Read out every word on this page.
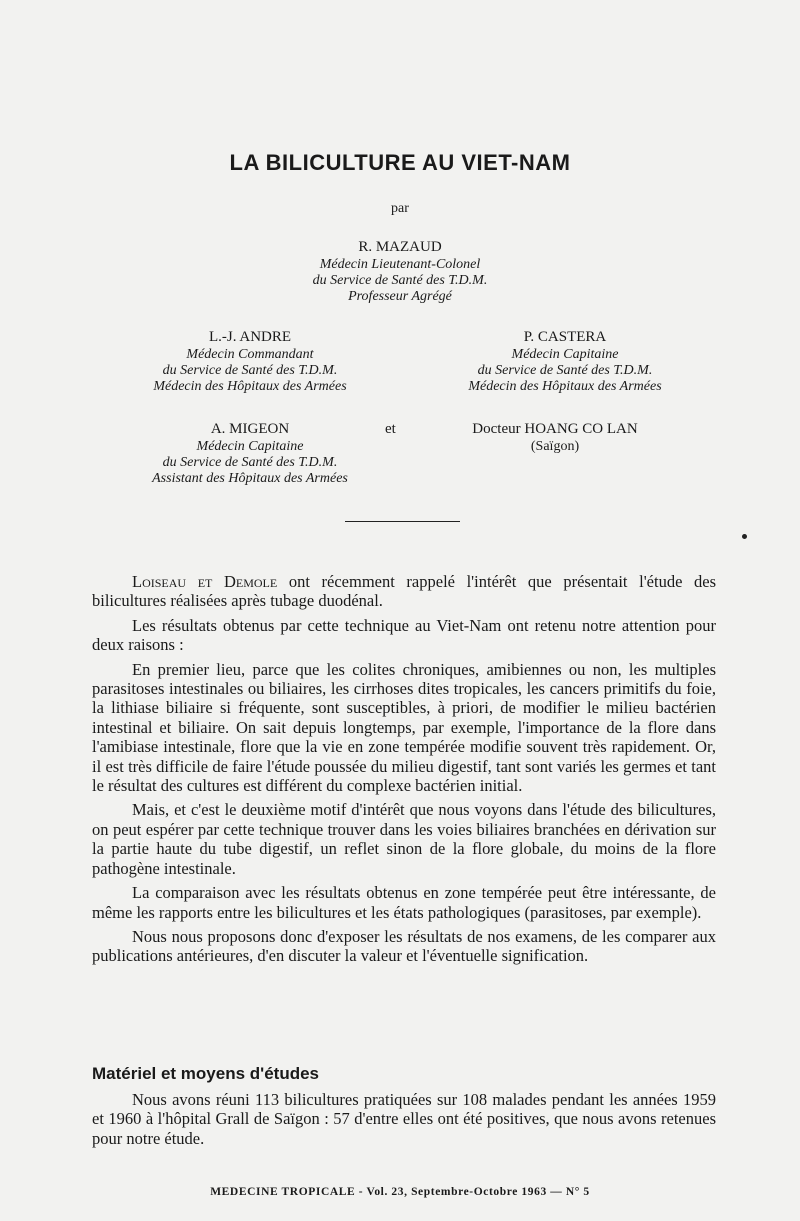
LA BILICULTURE AU VIET-NAM
par
R. MAZAUD
Médecin Lieutenant-Colonel
du Service de Santé des T.D.M.
Professeur Agrégé
L.-J. ANDRE
Médecin Commandant
du Service de Santé des T.D.M.
Médecin des Hôpitaux des Armées
P. CASTERA
Médecin Capitaine
du Service de Santé des T.D.M.
Médecin des Hôpitaux des Armées
A. MIGEON
Médecin Capitaine
du Service de Santé des T.D.M.
Assistant des Hôpitaux des Armées
et	Docteur HOANG CO LAN
(Saïgon)

Loiseau et Demole ont récemment rappelé l'intérêt que présentait l'étude des bilicultures réalisées après tubage duodénal.

Les résultats obtenus par cette technique au Viet-Nam ont retenu notre attention pour deux raisons :

En premier lieu, parce que les colites chroniques, amibiennes ou non, les multiples parasitoses intestinales ou biliaires, les cirrhoses dites tropicales, les cancers primitifs du foie, la lithiase biliaire si fréquente, sont susceptibles, à priori, de modifier le milieu bactérien intestinal et biliaire. On sait depuis longtemps, par exemple, l'importance de la flore dans l'amibiase intestinale, flore que la vie en zone tempérée modifie souvent très rapidement. Or, il est très difficile de faire l'étude poussée du milieu digestif, tant sont variés les germes et tant le résultat des cultures est différent du complexe bactérien initial.

Mais, et c'est le deuxième motif d'intérêt que nous voyons dans l'étude des bilicultures, on peut espérer par cette technique trouver dans les voies biliaires branchées en dérivation sur la partie haute du tube digestif, un reflet sinon de la flore globale, du moins de la flore pathogène intestinale.

La comparaison avec les résultats obtenus en zone tempérée peut être intéressante, de même les rapports entre les bilicultures et les états pathologiques (parasitoses, par exemple).

Nous nous proposons donc d'exposer les résultats de nos examens, de les comparer aux publications antérieures, d'en discuter la valeur et l'éventuelle signification.

Matériel et moyens d'études

Nous avons réuni 113 bilicultures pratiquées sur 108 malades pendant les années 1959 et 1960 à l'hôpital Grall de Saïgon : 57 d'entre elles ont été positives, que nous avons retenues pour notre étude.

MEDECINE TROPICALE - Vol. 23, Septembre-Octobre 1963 — N° 5
